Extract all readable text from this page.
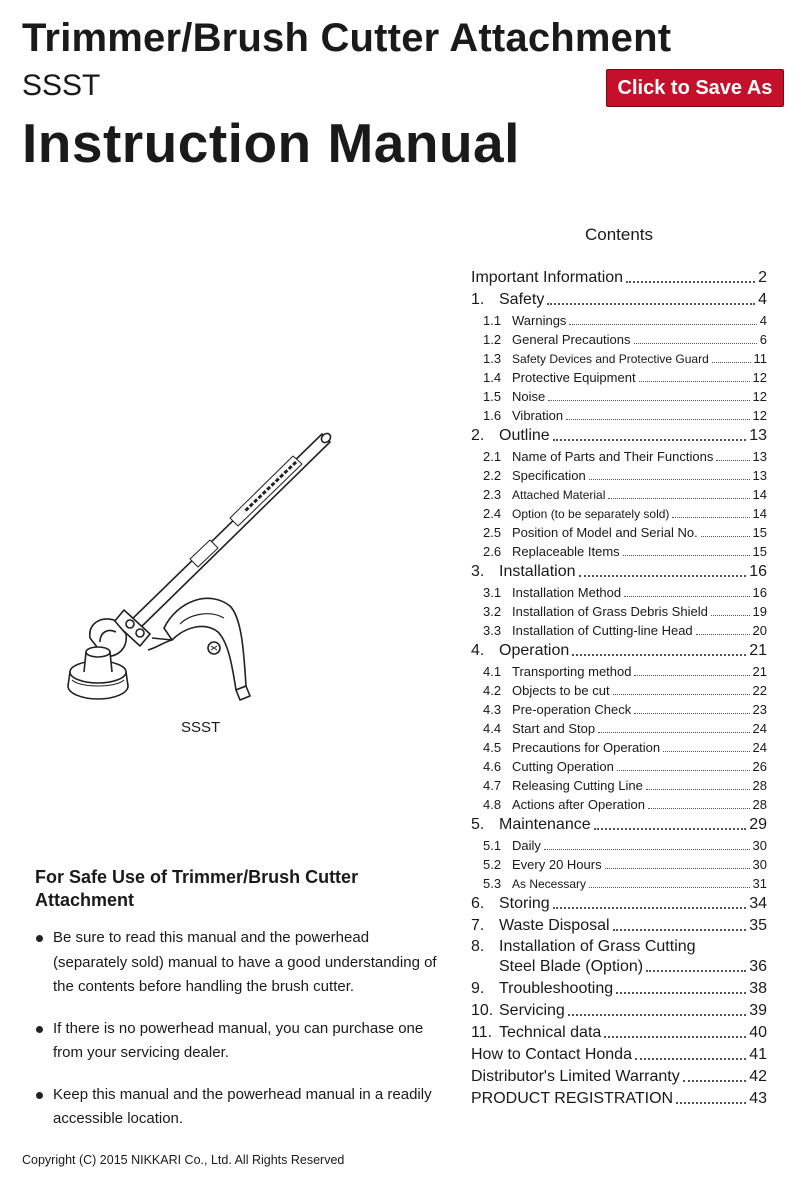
Trimmer/Brush Cutter Attachment
SSST
Instruction Manual
Click to Save As
SSST
For Safe Use of Trimmer/Brush Cutter
Attachment
Be sure to read this manual and the powerhead (separately sold) manual to have a good understanding of the contents before handling the brush cutter.
If there is no powerhead manual, you can purchase one from your servicing dealer.
Keep this manual and the powerhead manual in a readily accessible location.
Copyright (C) 2015 NIKKARI Co., Ltd. All Rights Reserved
Contents
Important Information	2
1. Safety	4
1.1 Warnings	4
1.2 General Precautions	6
1.3 Safety Devices and Protective Guard	11
1.4 Protective Equipment	12
1.5 Noise	12
1.6 Vibration	12
2. Outline	13
2.1 Name of Parts and Their Functions	13
2.2 Specification	13
2.3 Attached Material	14
2.4 Option (to be separately sold)	14
2.5 Position of Model and Serial No.	15
2.6 Replaceable Items	15
3. Installation	16
3.1 Installation Method	16
3.2 Installation of Grass Debris Shield	19
3.3 Installation of Cutting-line Head	20
4. Operation	21
4.1 Transporting method	21
4.2 Objects to be cut	22
4.3 Pre-operation Check	23
4.4 Start and Stop	24
4.5 Precautions for Operation	24
4.6 Cutting Operation	26
4.7 Releasing Cutting Line	28
4.8 Actions after Operation	28
5. Maintenance	29
5.1 Daily	30
5.2 Every 20 Hours	30
5.3 As Necessary	31
6. Storing	34
7. Waste Disposal	35
8. Installation of Grass Cutting
Steel Blade (Option)	36
9. Troubleshooting	38
10. Servicing	39
11. Technical data	40
How to Contact Honda	41
Distributor's Limited Warranty	42
PRODUCT REGISTRATION	43
